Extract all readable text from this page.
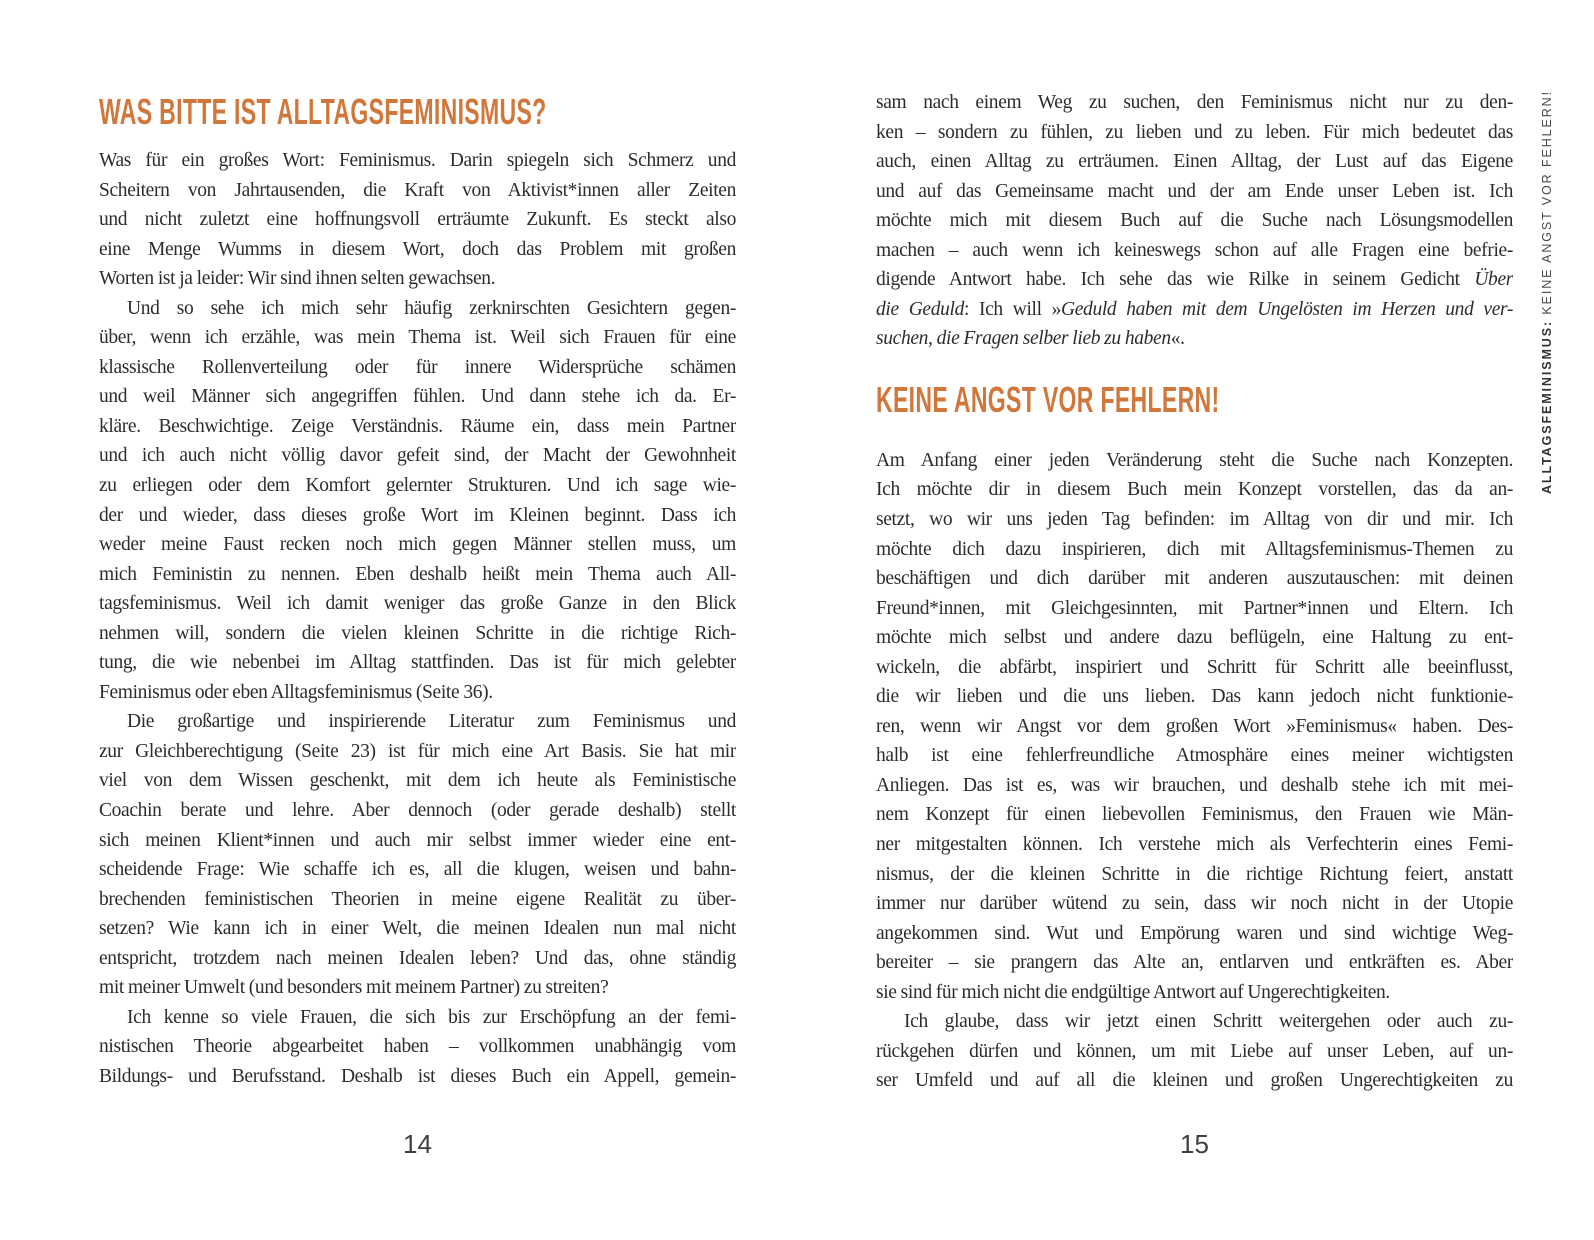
WAS BITTE IST ALLTAGSFEMINISMUS?
Was für ein großes Wort: Feminismus. Darin spiegeln sich Schmerz und
Scheitern von Jahrtausenden, die Kraft von Aktivist*innen aller Zeiten
und nicht zuletzt eine hoffnungsvoll erträumte Zukunft. Es steckt also
eine Menge Wumms in diesem Wort, doch das Problem mit großen
Worten ist ja leider: Wir sind ihnen selten gewachsen.
Und so sehe ich mich sehr häufig zerknirschten Gesichtern gegen-
über, wenn ich erzähle, was mein Thema ist. Weil sich Frauen für eine
klassische Rollenverteilung oder für innere Widersprüche schämen
und weil Männer sich angegriffen fühlen. Und dann stehe ich da. Er-
kläre. Beschwichtige. Zeige Verständnis. Räume ein, dass mein Partner
und ich auch nicht völlig davor gefeit sind, der Macht der Gewohnheit
zu erliegen oder dem Komfort gelernter Strukturen. Und ich sage wie-
der und wieder, dass dieses große Wort im Kleinen beginnt. Dass ich
weder meine Faust recken noch mich gegen Männer stellen muss, um
mich Feministin zu nennen. Eben deshalb heißt mein Thema auch All-
tagsfeminismus. Weil ich damit weniger das große Ganze in den Blick
nehmen will, sondern die vielen kleinen Schritte in die richtige Rich-
tung, die wie nebenbei im Alltag stattfinden. Das ist für mich gelebter
Feminismus oder eben Alltagsfeminismus (Seite 36).
Die großartige und inspirierende Literatur zum Feminismus und
zur Gleichberechtigung (Seite 23) ist für mich eine Art Basis. Sie hat mir
viel von dem Wissen geschenkt, mit dem ich heute als Feministische
Coachin berate und lehre. Aber dennoch (oder gerade deshalb) stellt
sich meinen Klient*innen und auch mir selbst immer wieder eine ent-
scheidende Frage: Wie schaffe ich es, all die klugen, weisen und bahn-
brechenden feministischen Theorien in meine eigene Realität zu über-
setzen? Wie kann ich in einer Welt, die meinen Idealen nun mal nicht
entspricht, trotzdem nach meinen Idealen leben? Und das, ohne ständig
mit meiner Umwelt (und besonders mit meinem Partner) zu streiten?
Ich kenne so viele Frauen, die sich bis zur Erschöpfung an der femi-
nistischen Theorie abgearbeitet haben – vollkommen unabhängig vom
Bildungs- und Berufsstand. Deshalb ist dieses Buch ein Appell, gemein-
14
sam nach einem Weg zu suchen, den Feminismus nicht nur zu den-
ken – sondern zu fühlen, zu lieben und zu leben. Für mich bedeutet das
auch, einen Alltag zu erträumen. Einen Alltag, der Lust auf das Eigene
und auf das Gemeinsame macht und der am Ende unser Leben ist. Ich
möchte mich mit diesem Buch auf die Suche nach Lösungsmodellen
machen – auch wenn ich keineswegs schon auf alle Fragen eine befrie-
digende Antwort habe. Ich sehe das wie Rilke in seinem Gedicht Über
die Geduld: Ich will »Geduld haben mit dem Ungelösten im Herzen und ver-
suchen, die Fragen selber lieb zu haben«.
KEINE ANGST VOR FEHLERN!
Am Anfang einer jeden Veränderung steht die Suche nach Konzepten.
Ich möchte dir in diesem Buch mein Konzept vorstellen, das da an-
setzt, wo wir uns jeden Tag befinden: im Alltag von dir und mir. Ich
möchte dich dazu inspirieren, dich mit Alltagsfeminismus-Themen zu
beschäftigen und dich darüber mit anderen auszutauschen: mit deinen
Freund*innen, mit Gleichgesinnten, mit Partner*innen und Eltern. Ich
möchte mich selbst und andere dazu beflügeln, eine Haltung zu ent-
wickeln, die abfärbt, inspiriert und Schritt für Schritt alle beeinflusst,
die wir lieben und die uns lieben. Das kann jedoch nicht funktionie-
ren, wenn wir Angst vor dem großen Wort »Feminismus« haben. Des-
halb ist eine fehlerfreundliche Atmosphäre eines meiner wichtigsten
Anliegen. Das ist es, was wir brauchen, und deshalb stehe ich mit mei-
nem Konzept für einen liebevollen Feminismus, den Frauen wie Män-
ner mitgestalten können. Ich verstehe mich als Verfechterin eines Femi-
nismus, der die kleinen Schritte in die richtige Richtung feiert, anstatt
immer nur darüber wütend zu sein, dass wir noch nicht in der Utopie
angekommen sind. Wut und Empörung waren und sind wichtige Weg-
bereiter – sie prangern das Alte an, entlarven und entkräften es. Aber
sie sind für mich nicht die endgültige Antwort auf Ungerechtigkeiten.
Ich glaube, dass wir jetzt einen Schritt weitergehen oder auch zu-
rückgehen dürfen und können, um mit Liebe auf unser Leben, auf un-
ser Umfeld und auf all die kleinen und großen Ungerechtigkeiten zu
15
ALLTAGSFEMINISMUS: KEINE ANGST VOR FEHLERN!
